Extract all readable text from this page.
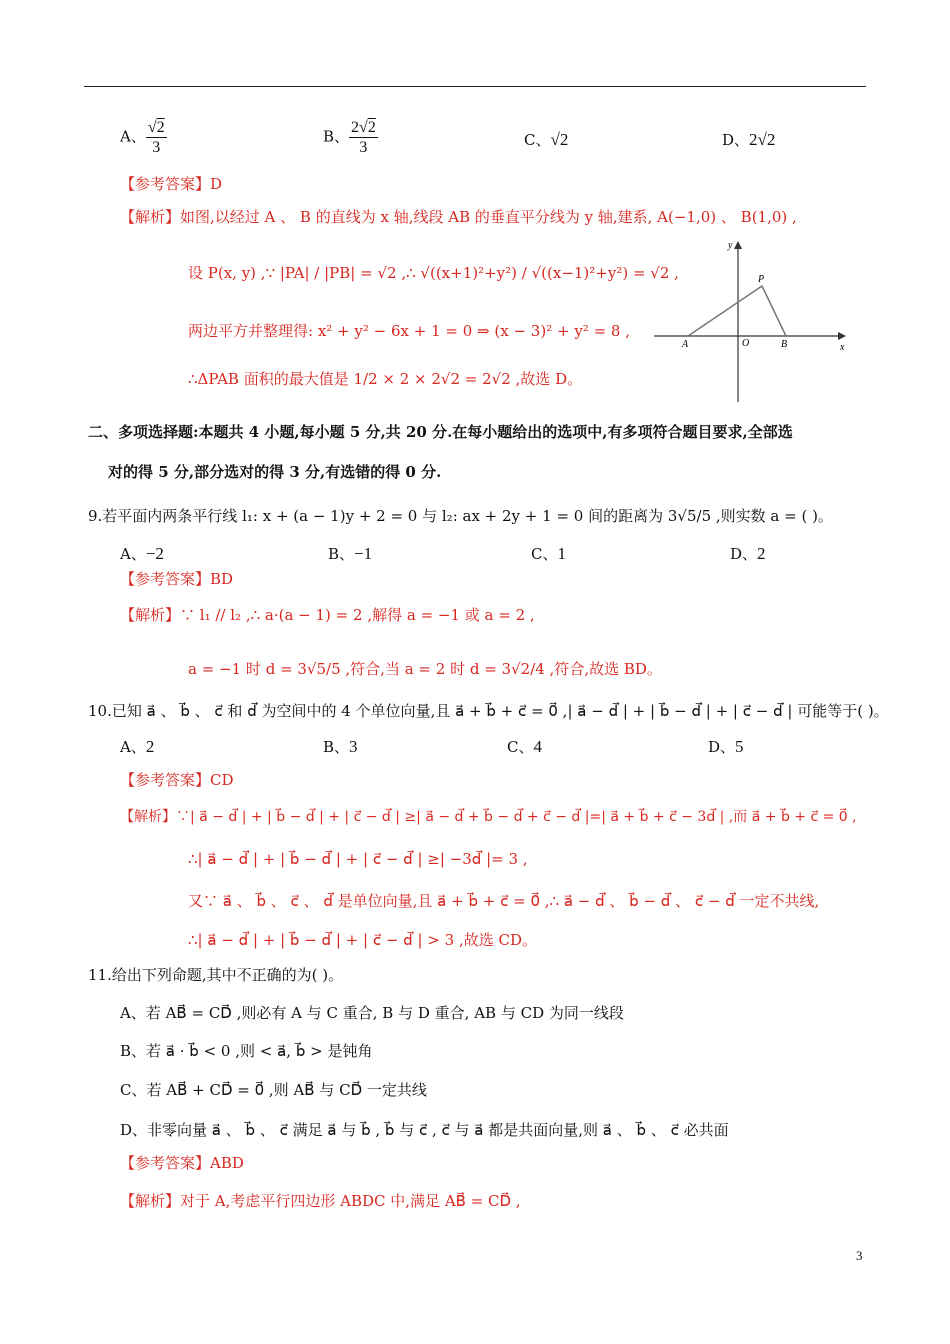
A、 $\frac{√2}{3}$	B、 $\frac{2√2}{3}$	C、√2	D、2√2
【参考答案】D
【解析】如图,以经过 A 、 B 的直线为 x 轴,线段 AB 的垂直平分线为 y 轴,建系, A(−1,0) 、 B(1,0) ,
设 P(x, y) ,∵ |PA| / |PB| = √2 ,∴ √((x+1)²+y²) / √((x−1)²+y²) = √2 ,
两边平方并整理得: x² + y² − 6x + 1 = 0 ⇒ (x − 3)² + y² = 8 ,
∴ΔPAB 面积的最大值是 1/2 × 2 × 2√2 = 2√2 ,故选 D。
y
x
P
A	O	B
二、多项选择题:本题共 4 小题,每小题 5 分,共 20 分.在每小题给出的选项中,有多项符合题目要求,全部选
对的得 5 分,部分选对的得 3 分,有选错的得 0 分.
9.若平面内两条平行线 l₁: x + (a − 1)y + 2 = 0 与 l₂: ax + 2y + 1 = 0 间的距离为 3√5/5 ,则实数 a = ( )。
A、−2	B、−1	C、1	D、2
【参考答案】BD
【解析】∵ l₁ // l₂ ,∴ a·(a − 1) = 2 ,解得 a = −1 或 a = 2 ,
a = −1 时 d = 3√5/5 ,符合,当 a = 2 时 d = 3√2/4 ,符合,故选 BD。
10.已知 a⃗ 、 b⃗ 、 c⃗ 和 d⃗ 为空间中的 4 个单位向量,且 a⃗ + b⃗ + c⃗ = 0⃗ ,| a⃗ − d⃗ | + | b⃗ − d⃗ | + | c⃗ − d⃗ | 可能等于( )。
A、2	B、3	C、4	D、5
【参考答案】CD
【解析】∵| a⃗ − d⃗ | + | b⃗ − d⃗ | + | c⃗ − d⃗ | ≥| a⃗ − d⃗ + b⃗ − d⃗ + c⃗ − d⃗ |=| a⃗ + b⃗ + c⃗ − 3d⃗ | ,而 a⃗ + b⃗ + c⃗ = 0⃗ ,
∴| a⃗ − d⃗ | + | b⃗ − d⃗ | + | c⃗ − d⃗ | ≥| −3d⃗ |= 3 ,
又∵ a⃗ 、 b⃗ 、 c⃗ 、 d⃗ 是单位向量,且 a⃗ + b⃗ + c⃗ = 0⃗ ,∴ a⃗ − d⃗ 、 b⃗ − d⃗ 、 c⃗ − d⃗ 一定不共线,
∴| a⃗ − d⃗ | + | b⃗ − d⃗ | + | c⃗ − d⃗ | > 3 ,故选 CD。
11.给出下列命题,其中不正确的为( )。
A、若 AB⃗ = CD⃗ ,则必有 A 与 C 重合, B 与 D 重合, AB 与 CD 为同一线段
B、若 a⃗ · b⃗ < 0 ,则 < a⃗, b⃗ > 是钝角
C、若 AB⃗ + CD⃗ = 0⃗ ,则 AB⃗ 与 CD⃗ 一定共线
D、非零向量 a⃗ 、 b⃗ 、 c⃗ 满足 a⃗ 与 b⃗ , b⃗ 与 c⃗ , c⃗ 与 a⃗ 都是共面向量,则 a⃗ 、 b⃗ 、 c⃗ 必共面
【参考答案】ABD
【解析】对于 A,考虑平行四边形 ABDC 中,满足 AB⃗ = CD⃗ ,
3
